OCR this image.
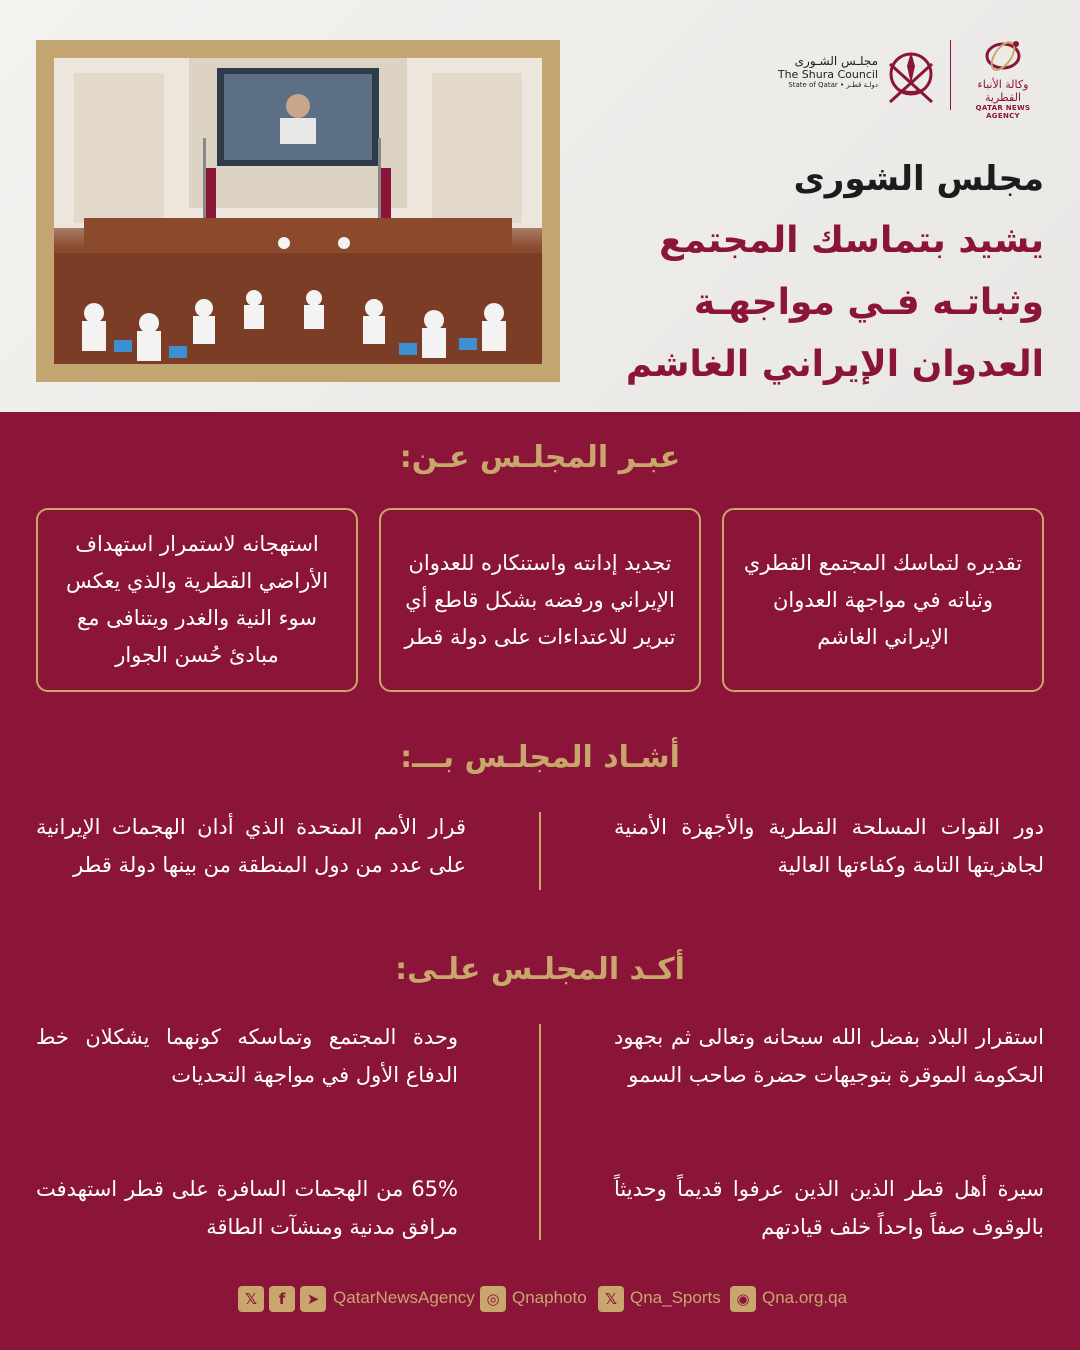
وكالة الأنباء القطرية
QATAR NEWS AGENCY
مجلـس الشـورى
The Shura Council
State of Qatar • دولـة قطـر
مجلس الشورى
يشيد بتماسك المجتمع
وثباتـه فـي مواجهـة
العدوان الإيراني الغاشم
عبـر المجلـس عـن:
تقديره لتماسك المجتمع القطري وثباته في مواجهة العدوان الإيراني الغاشم
تجديد إدانته واستنكاره للعدوان الإيراني ورفضه بشكل قاطع أي تبرير للاعتداءات على دولة قطر
استهجانه لاستمرار استهداف الأراضي القطرية والذي يعكس سوء النية والغدر ويتنافى مع مبادئ حُسن الجوار
أشـاد المجلـس بـــ:
دور القوات المسلحة القطرية والأجهزة الأمنية لجاهزيتها التامة وكفاءتها العالية
قرار الأمم المتحدة الذي أدان الهجمات الإيرانية على عدد من دول المنطقة من بينها دولة قطر
أكـد المجلـس علـى:
استقرار البلاد بفضل الله سبحانه وتعالى ثم بجهود الحكومة الموقرة بتوجيهات حضرة صاحب السمو
وحدة المجتمع وتماسكه كونهما يشكلان خط الدفاع الأول في مواجهة التحديات
سيرة أهل قطر الذين الذين عرفوا قديماً وحديثاً بالوقوف صفاً واحداً خلف قيادتهم
65% من الهجمات السافرة على قطر استهدفت مرافق مدنية ومنشآت الطاقة
𝕏	f	➤ QatarNewsAgency ◎ Qnaphoto	𝕏 Qna_Sports	◉ Qna.org.qa
